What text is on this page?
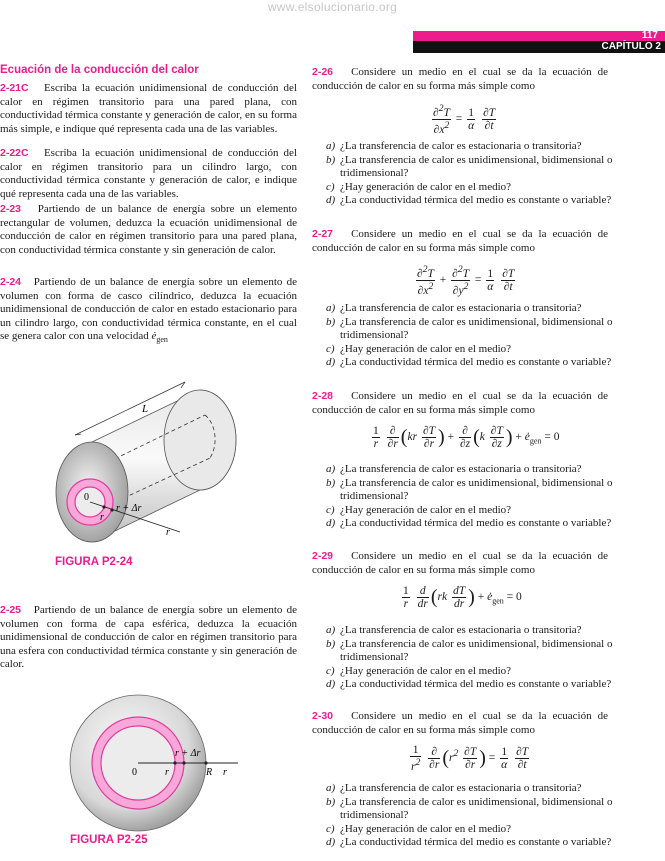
www.elsolucionario.org
117
CAPÍTULO 2
Ecuación de la conducción del calor

2-21C Escriba la ecuación unidimensional de conducción del calor en régimen transitorio para una pared plana, con conductividad térmica constante y generación de calor, en su forma más simple, e indique qué representa cada una de las variables.

2-22C Escriba la ecuación unidimensional de conducción del calor en régimen transitorio para un cilindro largo, con conductividad térmica constante y generación de calor, e indique qué representa cada una de las variables.

2-23 Partiendo de un balance de energía sobre un elemento rectangular de volumen, deduzca la ecuación unidimensional de conducción de calor en régimen transitorio para una pared plana, con conductividad térmica constante y sin generación de calor.

2-24 Partiendo de un balance de energía sobre un elemento de volumen con forma de casco cilíndrico, deduzca la ecuación unidimensional de conducción de calor en estado estacionario para un cilindro largo, con conductividad térmica constante, en el cual se genera calor con una velocidad $ė_{gen}$

L
0
r
r + Δr
r
FIGURA P2-24

2-25 Partiendo de un balance de energía sobre un elemento de volumen con forma de capa esférica, deduzca la ecuación unidimensional de conducción de calor en régimen transitorio para una esfera con conductividad térmica constante y sin generación de calor.

0	r
r + Δr
R r
FIGURA P2-25

2-26 Considere un medio en el cual se da la ecuación de conducción de calor en su forma más simple como

$\frac{\partial^2T}{\partial x^2} = \frac{1}{\alpha}$
$\frac{\partial T}{\partial t}$
a) ¿La transferencia de calor es estacionaria o transitoria?
b) ¿La transferencia de calor es unidimensional, bidimensional o tridimensional?
c) ¿Hay generación de calor en el medio?
d) ¿La conductividad térmica del medio es constante o variable?

2-27 Considere un medio en el cual se da la ecuación de conducción de calor en su forma más simple como

$\frac{\partial^2T}{\partial x^2} + \frac{\partial^2T}{\partial y^2} = \frac{1}{\alpha}$
$\frac{\partial T}{\partial t}$
a) ¿La transferencia de calor es estacionaria o transitoria?
b) ¿La transferencia de calor es unidimensional, bidimensional o tridimensional?
c) ¿Hay generación de calor en el medio?
d) ¿La conductividad térmica del medio es constante o variable?

2-28 Considere un medio en el cual se da la ecuación de conducción de calor en su forma más simple como

$\frac{1}{r}$
$\frac{\partial}{\partial r} (kr \frac{\partial T}{\partial r}$ ) + $\frac{\partial}{\partial z} (k \frac{\partial T}{\partial z}$ ) + $ė_{gen} = 0$
a) ¿La transferencia de calor es estacionaria o transitoria?
b) ¿La transferencia de calor es unidimensional, bidimensional o tridimensional?
c) ¿Hay generación de calor en el medio?
d) ¿La conductividad térmica del medio es constante o variable?

2-29 Considere un medio en el cual se da la ecuación de conducción de calor en su forma más simple como

$\frac{1}{r}$
$\frac{d}{dr} (rk \frac{dT}{dr}$ ) + $ė_{gen} = 0$
a) ¿La transferencia de calor es estacionaria o transitoria?
b) ¿La transferencia de calor es unidimensional, bidimensional o tridimensional?
c) ¿Hay generación de calor en el medio?
d) ¿La conductividad térmica del medio es constante o variable?

2-30 Considere un medio en el cual se da la ecuación de conducción de calor en su forma más simple como

$\frac{1}{r^2}$
$\frac{\partial}{\partial r} (r^2 \frac{\partial T}{\partial r}$ ) = $\frac{1}{\alpha}$
$\frac{\partial T}{\partial t}$
a) ¿La transferencia de calor es estacionaria o transitoria?
b) ¿La transferencia de calor es unidimensional, bidimensional o tridimensional?
c) ¿Hay generación de calor en el medio?
d) ¿La conductividad térmica del medio es constante o variable?
